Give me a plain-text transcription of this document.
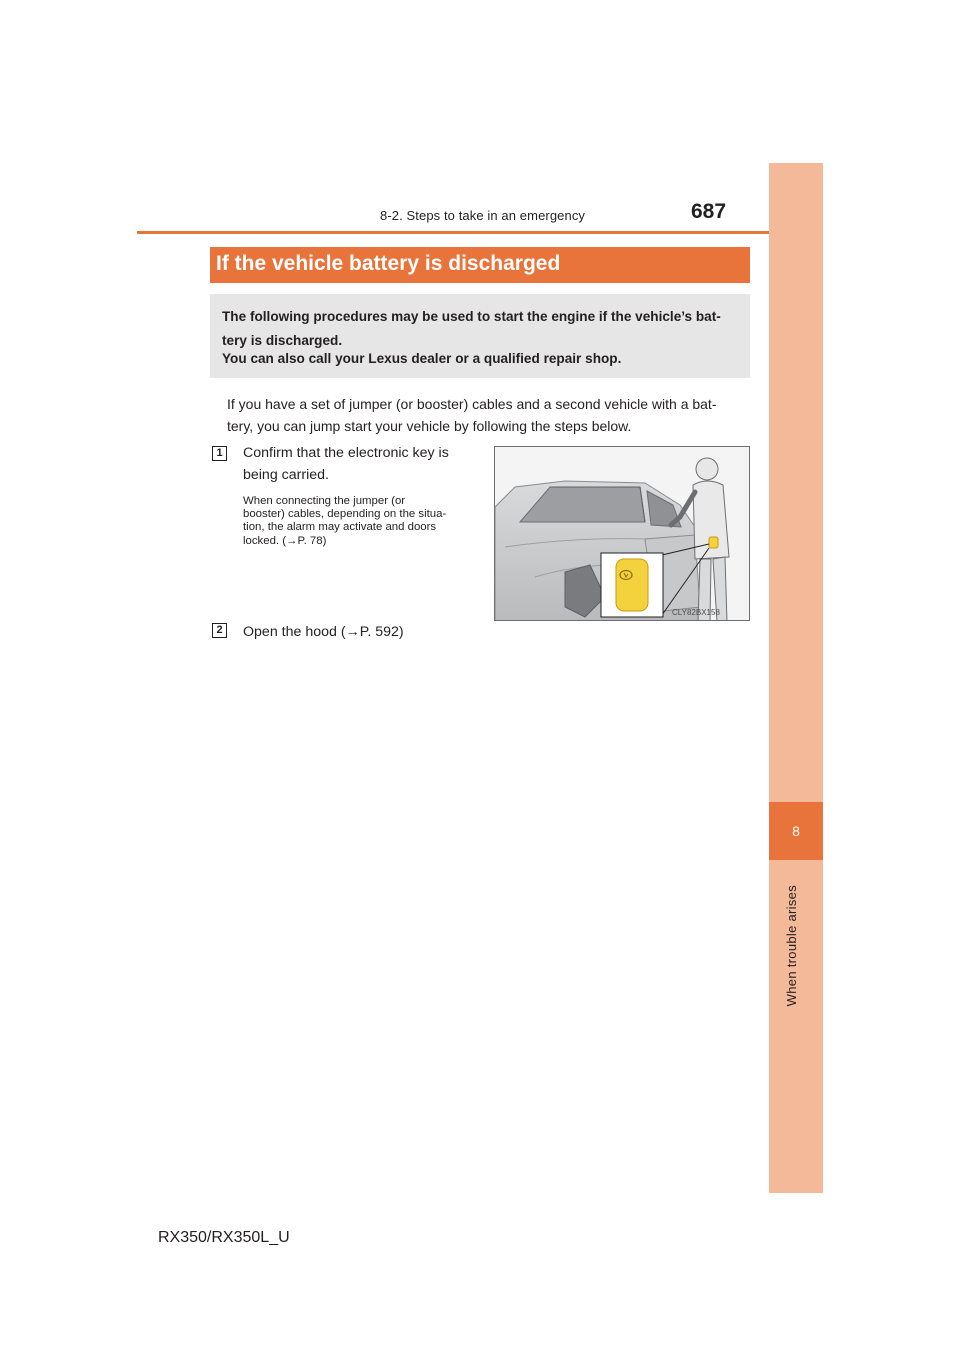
8-2. Steps to take in an emergency	687
8
When trouble arises
If the vehicle battery is discharged
The following procedures may be used to start the engine if the vehicle’s bat-
tery is discharged.
You can also call your Lexus dealer or a qualified repair shop.
If you have a set of jumper (or booster) cables and a second vehicle with a bat-
tery, you can jump start your vehicle by following the steps below.
1	Confirm that the electronic key is
being carried.
When connecting the jumper (or
booster) cables, depending on the situa-
tion, the alarm may activate and doors
locked. (→P. 78)
CLY82BX158
2	Open the hood (→P. 592)
RX350/RX350L_U
